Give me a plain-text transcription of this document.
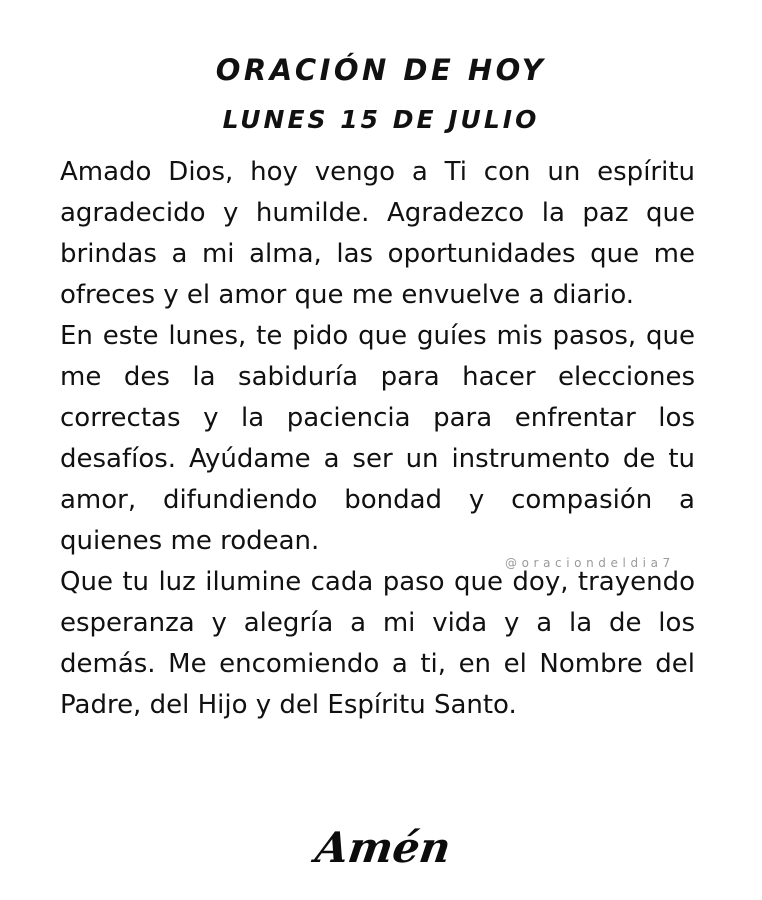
ORACIÓN DE HOY
LUNES 15 DE JULIO

Amado Dios, hoy vengo a Ti con un espíritu agradecido y humilde. Agradezco la paz que brindas a mi alma, las oportunidades que me ofreces y el amor que me envuelve a diario.

En este lunes, te pido que guíes mis pasos, que me des la sabiduría para hacer elecciones correctas y la paciencia para enfrentar los desafíos. Ayúdame a ser un instrumento de tu amor, difundiendo bondad y compasión a quienes me rodean.

Que tu luz ilumine cada paso que doy, trayendo esperanza y alegría a mi vida y a la de los demás. Me encomiendo a ti, en el Nombre del Padre, del Hijo y del Espíritu Santo.

@oraciondeldia7
Amén
